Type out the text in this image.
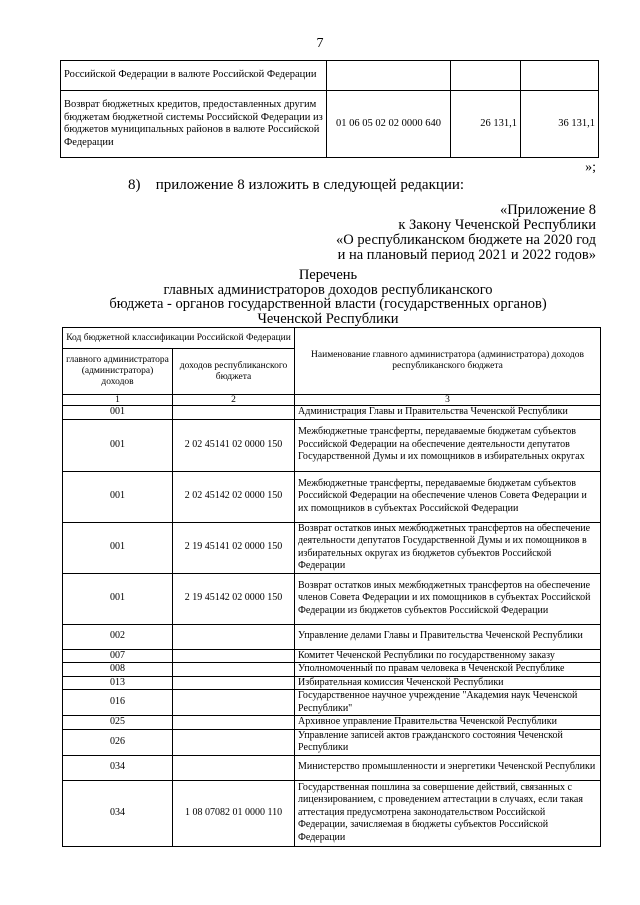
7
Российской Федерации в валюте Российской Федерации			
Возврат бюджетных кредитов, предоставленных другим бюджетам бюджетной системы Российской Федерации из бюджетов муниципальных районов в валюте Российской Федерации	01 06 05 02 02 0000 640	26 131,1	36 131,1
»;
8) приложение 8 изложить в следующей редакции:
«Приложение 8
к Закону Чеченской Республики
«О республиканском бюджете на 2020 год
и на плановый период 2021 и 2022 годов»
Перечень
главных администраторов доходов республиканского
бюджета - органов государственной власти (государственных органов)
Чеченской Республики
Код бюджетной классификации Российской Федерации		Наименование главного администратора (администратора) доходов республиканского бюджета
главного администратора (администратора) доходов	доходов республиканского бюджета	
1	2	3
001		Администрация Главы и Правительства Чеченской Республики
001	2 02 45141 02 0000 150	Межбюджетные трансферты, передаваемые бюджетам субъектов Российской Федерации на обеспечение деятельности депутатов Государственной Думы и их помощников в избирательных округах
001	2 02 45142 02 0000 150	Межбюджетные трансферты, передаваемые бюджетам субъектов Российской Федерации на обеспечение членов Совета Федерации и их помощников в субъектах Российской Федерации
001	2 19 45141 02 0000 150	Возврат остатков иных межбюджетных трансфертов на обеспечение деятельности депутатов Государственной Думы и их помощников в избирательных округах из бюджетов субъектов Российской Федерации
001	2 19 45142 02 0000 150	Возврат остатков иных межбюджетных трансфертов на обеспечение членов Совета Федерации и их помощников в субъектах Российской Федерации из бюджетов субъектов Российской Федерации
002		Управление делами Главы и Правительства Чеченской Республики
007		Комитет Чеченской Республики по государственному заказу
008		Уполномоченный по правам человека в Чеченской Республике
013		Избирательная комиссия Чеченской Республики
016		Государственное научное учреждение "Академия наук Чеченской Республики"
025		Архивное управление Правительства Чеченской Республики
026		Управление записей актов гражданского состояния Чеченской Республики
034		Министерство промышленности и энергетики Чеченской Республики
034	1 08 07082 01 0000 110	Государственная пошлина за совершение действий, связанных с лицензированием, с проведением аттестации в случаях, если такая аттестация предусмотрена законодательством Российской Федерации, зачисляемая в бюджеты субъектов Российской Федерации
